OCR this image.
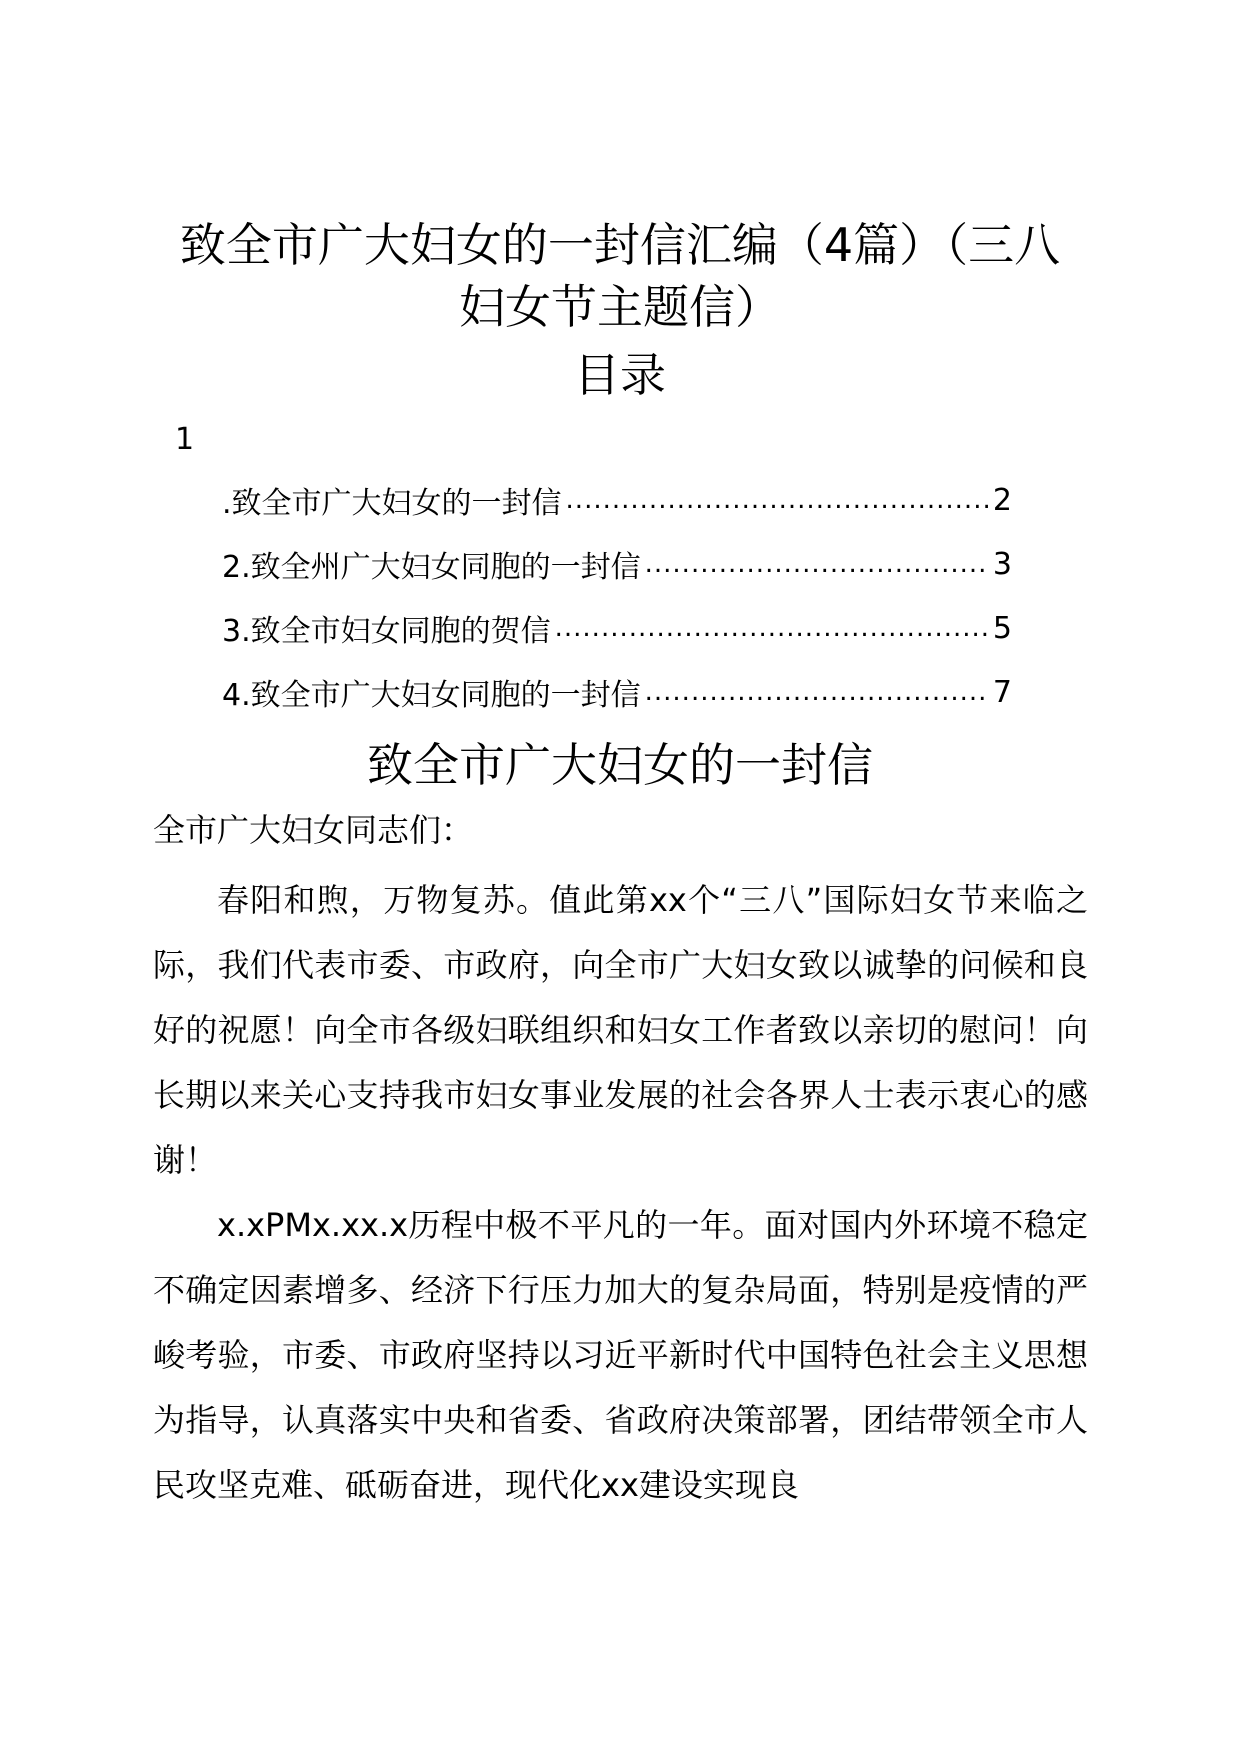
致全市广大妇女的一封信汇编（4篇）（三八
妇女节主题信）
目录
1
.致全市广大妇女的一封信 .....	2
2.致全州广大妇女同胞的一封信 .....	3
3.致全市妇女同胞的贺信 .....	5
4.致全市广大妇女同胞的一封信 .....	7
致全市广大妇女的一封信

全市广大妇女同志们：

春阳和煦，万物复苏。值此第xx个“三八”国际妇女节来临之际，我们代表市委、市政府，向全市广大妇女致以诚挚的问候和良好的祝愿！向全市各级妇联组织和妇女工作者致以亲切的慰问！向长期以来关心支持我市妇女事业发展的社会各界人士表示衷心的感谢！

x.xPMx.xx.x历程中极不平凡的一年。面对国内外环境不稳定不确定因素增多、经济下行压力加大的复杂局面，特别是疫情的严峻考验，市委、市政府坚持以习近平新时代中国特色社会主义思想为指导，认真落实中央和省委、省政府决策部署，团结带领全市人民攻坚克难、砥砺奋进，现代化xx建设实现良
